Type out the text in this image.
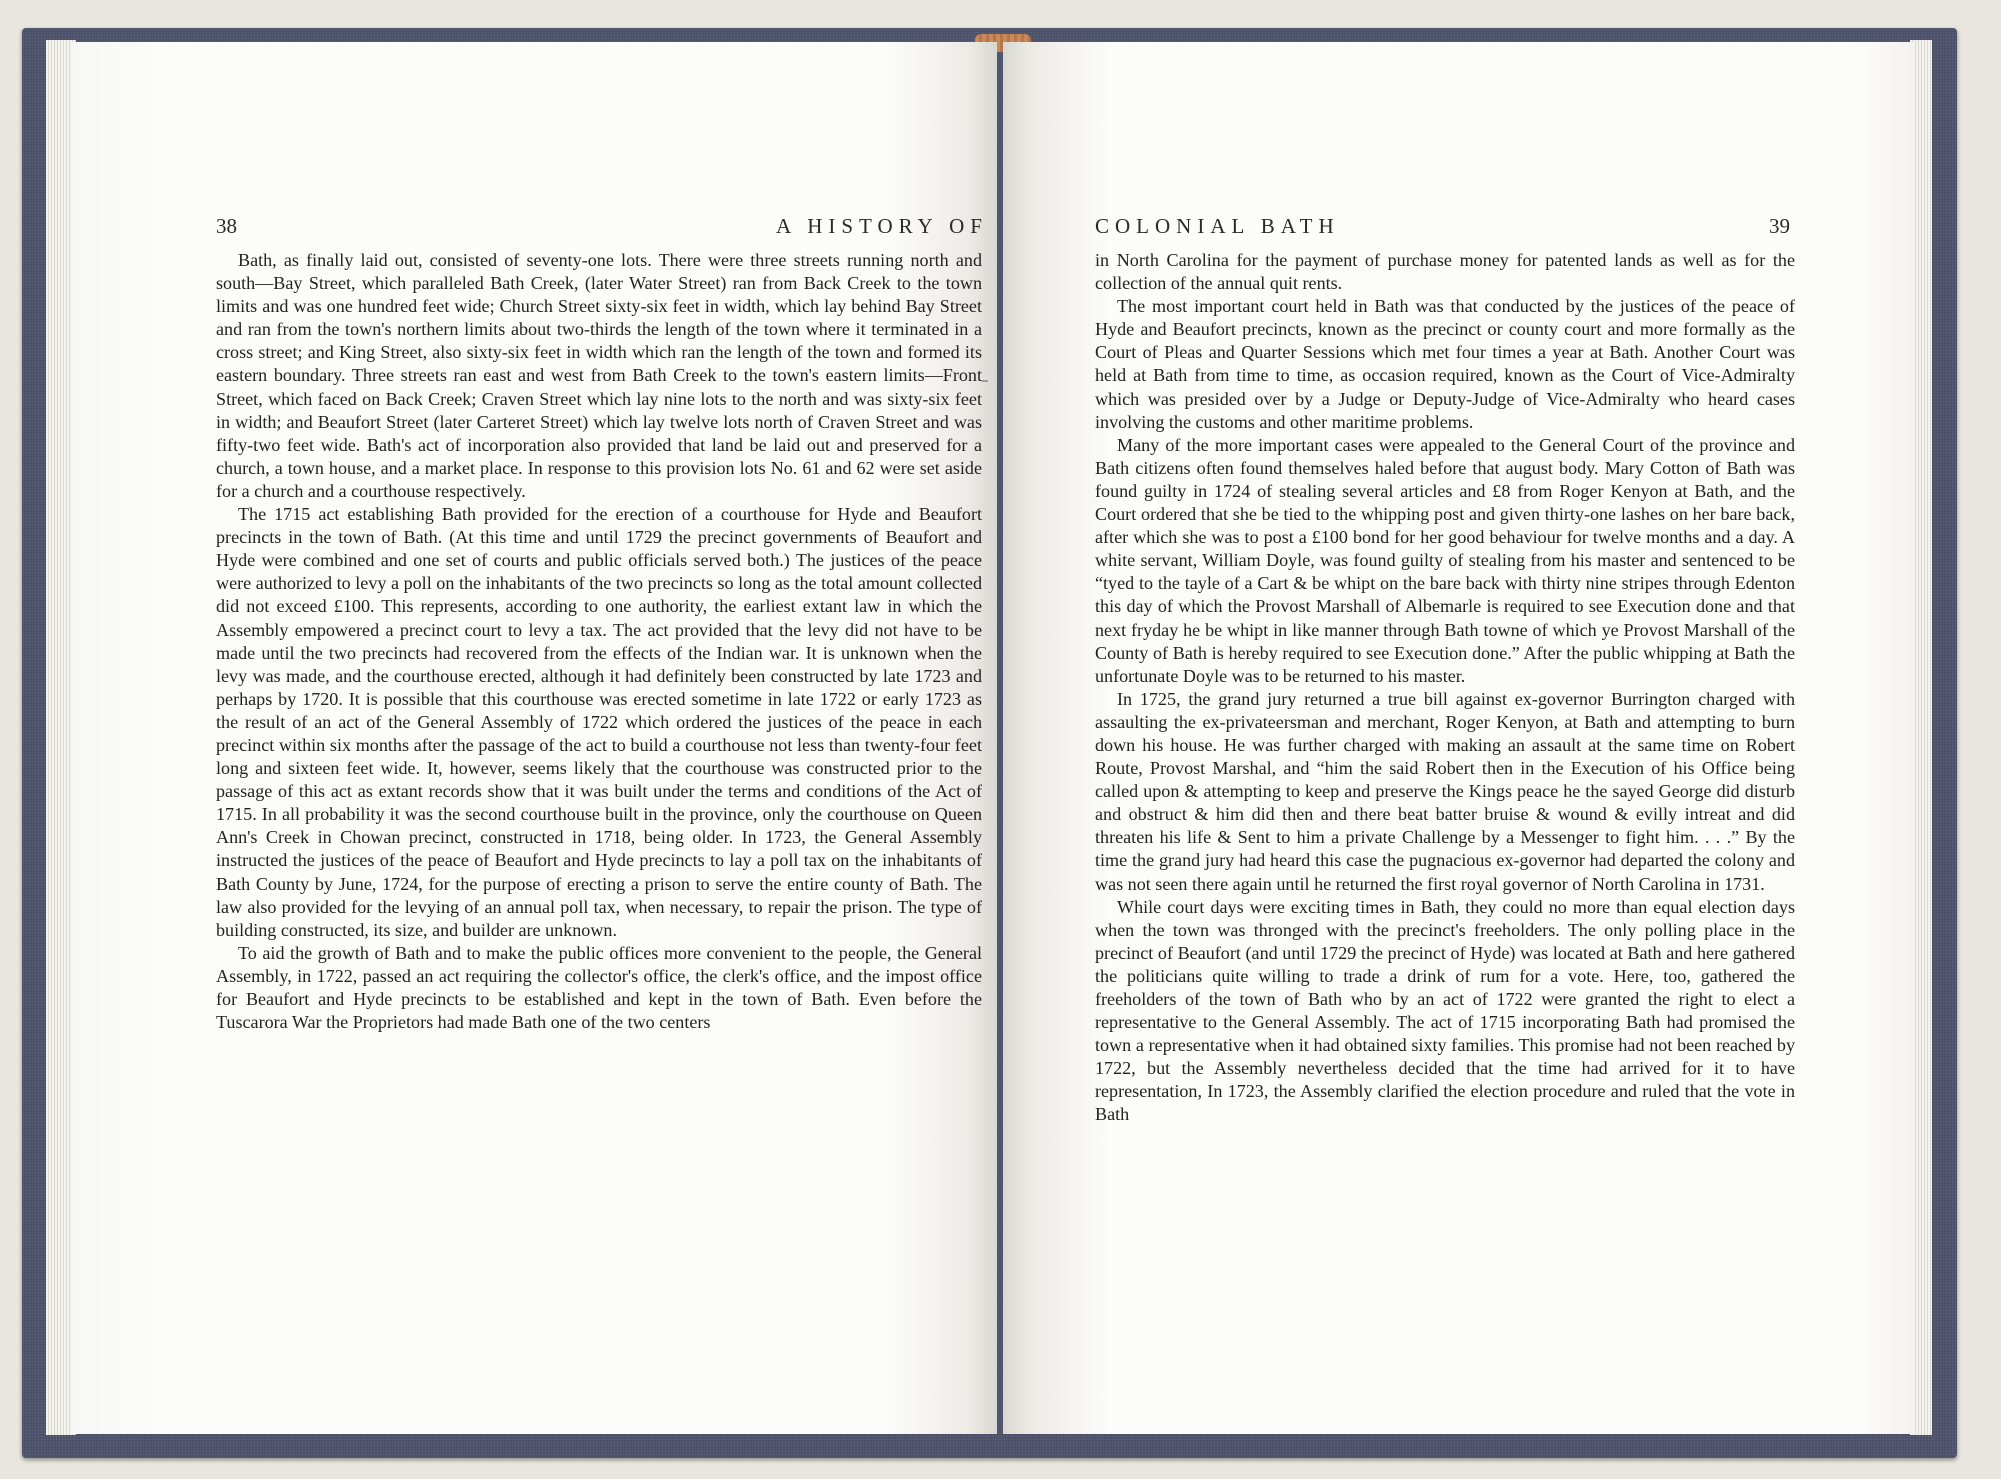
38	A HISTORY OF

Bath, as finally laid out, consisted of seventy-one lots. There were three streets running north and south—Bay Street, which paralleled Bath Creek, (later Water Street) ran from Back Creek to the town limits and was one hundred feet wide; Church Street sixty-six feet in width, which lay behind Bay Street and ran from the town's northern limits about two-thirds the length of the town where it terminated in a cross street; and King Street, also sixty-six feet in width which ran the length of the town and formed its eastern boundary. Three streets ran east and west from Bath Creek to the town's eastern limits—Front Street, which faced on Back Creek; Craven Street which lay nine lots to the north and was sixty-six feet in width; and Beaufort Street (later Carteret Street) which lay twelve lots north of Craven Street and was fifty-two feet wide. Bath's act of incorporation also provided that land be laid out and preserved for a church, a town house, and a market place. In response to this provision lots No. 61 and 62 were set aside for a church and a courthouse respectively.

The 1715 act establishing Bath provided for the erection of a courthouse for Hyde and Beaufort precincts in the town of Bath. (At this time and until 1729 the precinct governments of Beaufort and Hyde were combined and one set of courts and public officials served both.) The justices of the peace were authorized to levy a poll on the inhabitants of the two precincts so long as the total amount collected did not exceed £100. This represents, according to one authority, the earliest extant law in which the Assembly empowered a precinct court to levy a tax. The act provided that the levy did not have to be made until the two precincts had recovered from the effects of the Indian war. It is unknown when the levy was made, and the courthouse erected, although it had definitely been constructed by late 1723 and perhaps by 1720. It is possible that this courthouse was erected sometime in late 1722 or early 1723 as the result of an act of the General Assembly of 1722 which ordered the justices of the peace in each precinct within six months after the passage of the act to build a courthouse not less than twenty-four feet long and sixteen feet wide. It, however, seems likely that the courthouse was constructed prior to the passage of this act as extant records show that it was built under the terms and conditions of the Act of 1715. In all probability it was the second courthouse built in the province, only the courthouse on Queen Ann's Creek in Chowan precinct, constructed in 1718, being older. In 1723, the General Assembly instructed the justices of the peace of Beaufort and Hyde precincts to lay a poll tax on the inhabitants of Bath County by June, 1724, for the purpose of erecting a prison to serve the entire county of Bath. The law also provided for the levying of an annual poll tax, when necessary, to repair the prison. The type of building constructed, its size, and builder are unknown.

To aid the growth of Bath and to make the public offices more convenient to the people, the General Assembly, in 1722, passed an act requiring the collector's office, the clerk's office, and the impost office for Beaufort and Hyde precincts to be established and kept in the town of Bath. Even before the Tuscarora War the Proprietors had made Bath one of the two centers

COLONIAL BATH	39

in North Carolina for the payment of purchase money for patented lands as well as for the collection of the annual quit rents.

The most important court held in Bath was that conducted by the justices of the peace of Hyde and Beaufort precincts, known as the precinct or county court and more formally as the Court of Pleas and Quarter Sessions which met four times a year at Bath. Another Court was held at Bath from time to time, as occasion required, known as the Court of Vice-Admiralty which was presided over by a Judge or Deputy-Judge of Vice-Admiralty who heard cases involving the customs and other maritime problems.

Many of the more important cases were appealed to the General Court of the province and Bath citizens often found themselves haled before that august body. Mary Cotton of Bath was found guilty in 1724 of stealing several articles and £8 from Roger Kenyon at Bath, and the Court ordered that she be tied to the whipping post and given thirty-one lashes on her bare back, after which she was to post a £100 bond for her good behaviour for twelve months and a day. A white servant, William Doyle, was found guilty of stealing from his master and sentenced to be “tyed to the tayle of a Cart & be whipt on the bare back with thirty nine stripes through Edenton this day of which the Provost Marshall of Albemarle is required to see Execution done and that next fryday he be whipt in like manner through Bath towne of which ye Provost Marshall of the County of Bath is hereby required to see Execution done.” After the public whipping at Bath the unfortunate Doyle was to be returned to his master.

In 1725, the grand jury returned a true bill against ex-governor Burrington charged with assaulting the ex-privateersman and merchant, Roger Kenyon, at Bath and attempting to burn down his house. He was further charged with making an assault at the same time on Robert Route, Provost Marshal, and “him the said Robert then in the Execution of his Office being called upon & attempting to keep and preserve the Kings peace he the sayed George did disturb and obstruct & him did then and there beat batter bruise & wound & evilly intreat and did threaten his life & Sent to him a private Challenge by a Messenger to fight him. . . .” By the time the grand jury had heard this case the pugnacious ex-governor had departed the colony and was not seen there again until he returned the first royal governor of North Carolina in 1731.

While court days were exciting times in Bath, they could no more than equal election days when the town was thronged with the precinct's freeholders. The only polling place in the precinct of Beaufort (and until 1729 the precinct of Hyde) was located at Bath and here gathered the politicians quite willing to trade a drink of rum for a vote. Here, too, gathered the freeholders of the town of Bath who by an act of 1722 were granted the right to elect a representative to the General Assembly. The act of 1715 incorporating Bath had promised the town a representative when it had obtained sixty families. This promise had not been reached by 1722, but the Assembly nevertheless decided that the time had arrived for it to have representation, In 1723, the Assembly clarified the election procedure and ruled that the vote in Bath
